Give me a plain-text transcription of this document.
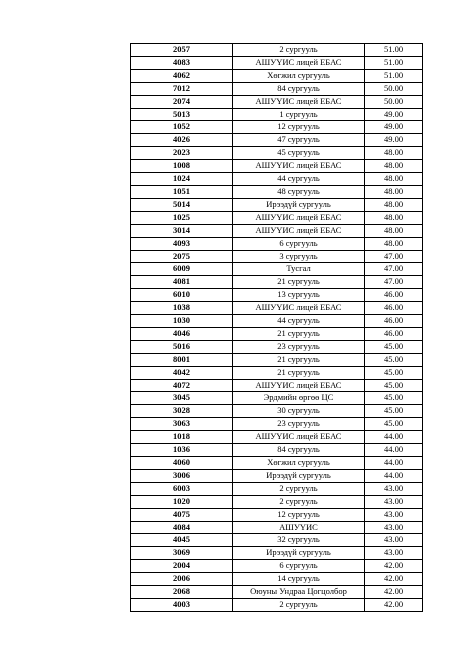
2057	2 сургууль	51.00
4083	АШУҮИС лицей ЕБАС	51.00
4062	Хөгжил сургууль	51.00
7012	84 сургууль	50.00
2074	АШУҮИС лицей ЕБАС	50.00
5013	1 сургууль	49.00
1052	12 сургууль	49.00
4026	47 сургууль	49.00
2023	45 сургууль	48.00
1008	АШУҮИС лицей ЕБАС	48.00
1024	44 сургууль	48.00
1051	48 сургууль	48.00
5014	Ирээдүй сургууль	48.00
1025	АШУҮИС лицей ЕБАС	48.00
3014	АШУҮИС лицей ЕБАС	48.00
4093	6 сургууль	48.00
2075	3 сургууль	47.00
6009	Тусгал	47.00
4081	21 сургууль	47.00
6010	13 сургууль	46.00
1038	АШУҮИС лицей ЕБАС	46.00
1030	44 сургууль	46.00
4046	21 сургууль	46.00
5016	23 сургууль	45.00
8001	21 сургууль	45.00
4042	21 сургууль	45.00
4072	АШУҮИС лицей ЕБАС	45.00
3045	Эрдмийн өргөө ЦС	45.00
3028	30 сургууль	45.00
3063	23 сургууль	45.00
1018	АШУҮИС лицей ЕБАС	44.00
1036	84 сургууль	44.00
4060	Хөгжил сургууль	44.00
3006	Ирээдүй сургууль	44.00
6003	2 сургууль	43.00
1020	2 сургууль	43.00
4075	12 сургууль	43.00
4084	АШУҮИС	43.00
4045	32 сургууль	43.00
3069	Ирээдүй сургууль	43.00
2004	6 сургууль	42.00
2006	14 сургууль	42.00
2068	Оюуны Ундраа Цогцолбор	42.00
4003	2 сургууль	42.00
